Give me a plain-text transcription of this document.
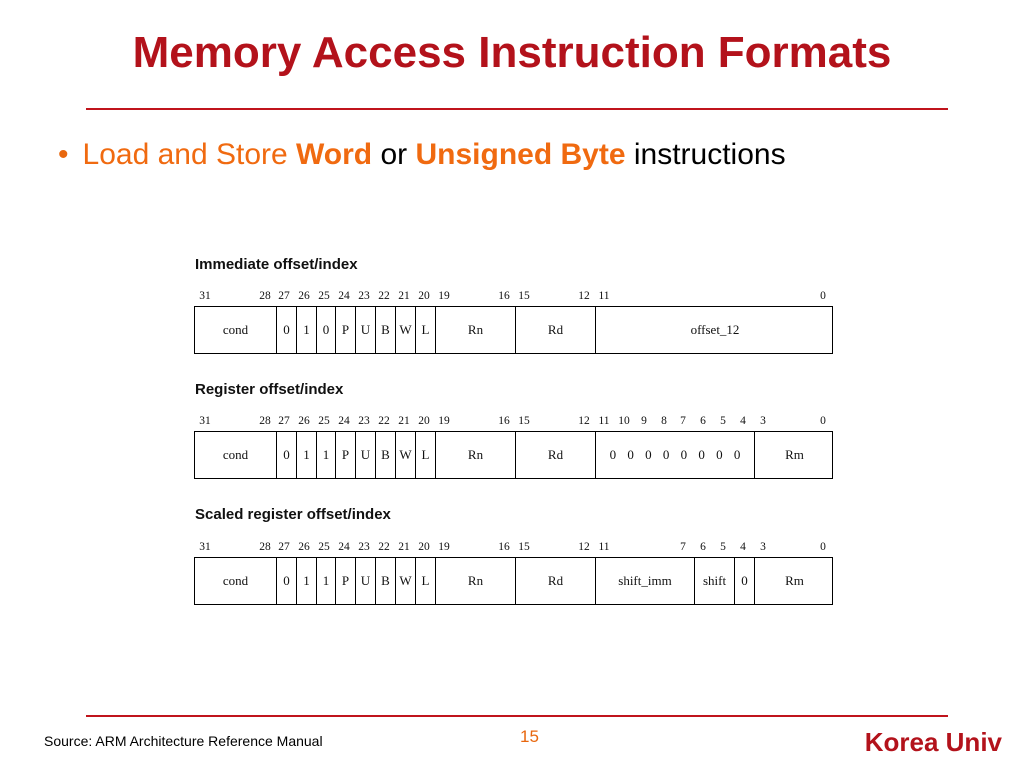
Memory Access Instruction Formats
• Load and Store Word or Unsigned Byte instructions
Immediate offset/index
31	28 27 26 25 24 23 22 21 20 19	16 15	12 11	0
cond	0	1	0 P U B W L	Rn	Rd	offset_12
Register offset/index
31	28 27 26 25 24 23 22 21 20 19	16 15	12 11 10 9 8 7 6 5 4 3	0
cond	0	1	1 P U B W L	Rn	Rd	0 0 0 0 0 0 0 0	Rm
Scaled register offset/index
31	28 27 26 25 24 23 22 21 20 19	16 15	12 11	7 6 5 4 3	0
cond	0	1	1 P U B W L	Rn	Rd	shift_imm	shift	0	Rm
Source: ARM Architecture Reference Manual	15	Korea Univ
